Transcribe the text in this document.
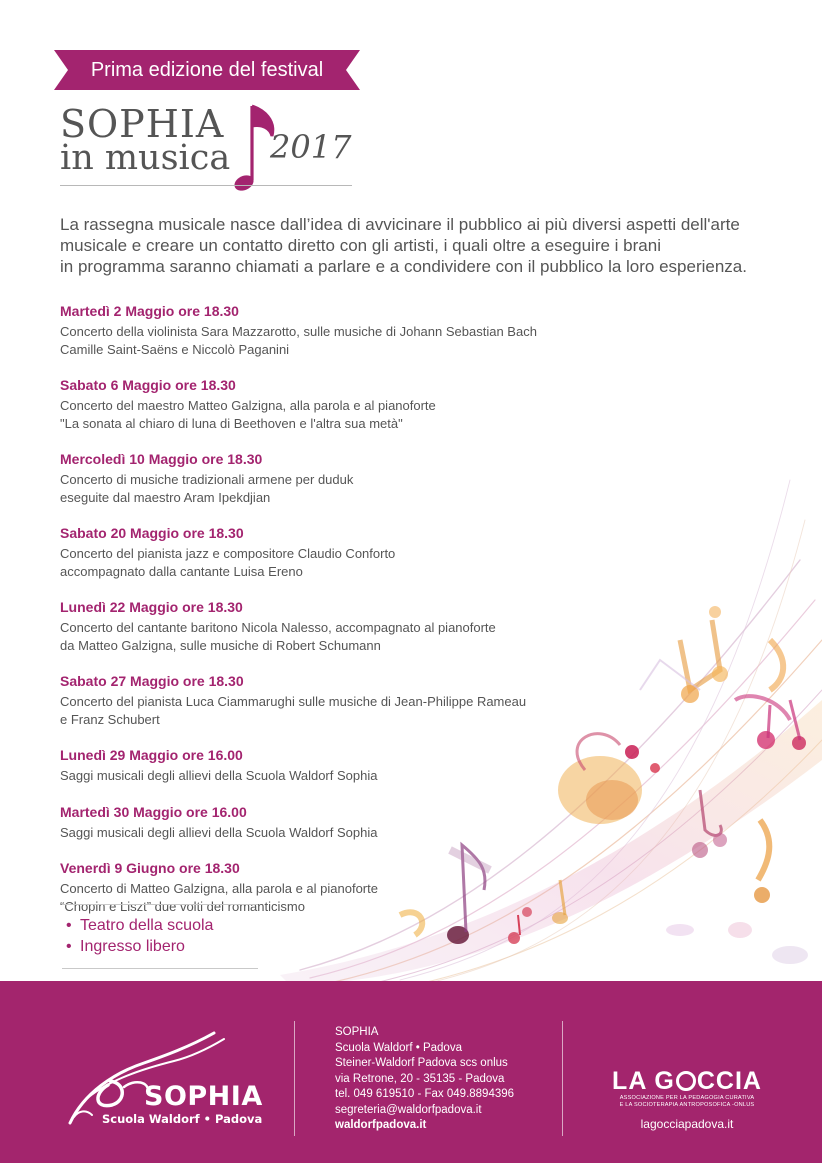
Prima edizione del festival
SOPHIA
in musica 2017

La rassegna musicale nasce dall’idea di avvicinare il pubblico ai più diversi aspetti dell'arte
musicale e creare un contatto diretto con gli artisti, i quali oltre a eseguire i brani
in programma saranno chiamati a parlare e a condividere con il pubblico la loro esperienza.

Martedì 2 Maggio ore 18.30
Concerto della violinista Sara Mazzarotto, sulle musiche di Johann Sebastian Bach
Camille Saint-Saëns e Niccolò Paganini
Sabato 6 Maggio ore 18.30
Concerto del maestro Matteo Galzigna, alla parola e al pianoforte
"La sonata al chiaro di luna di Beethoven e l'altra sua metà"
Mercoledì 10 Maggio ore 18.30
Concerto di musiche tradizionali armene per duduk
eseguite dal maestro Aram Ipekdjian
Sabato 20 Maggio ore 18.30
Concerto del pianista jazz e compositore Claudio Conforto
accompagnato dalla cantante Luisa Ereno
Lunedì 22 Maggio ore 18.30
Concerto del cantante baritono Nicola Nalesso, accompagnato al pianoforte
da Matteo Galzigna, sulle musiche di Robert Schumann
Sabato 27 Maggio ore 18.30
Concerto del pianista Luca Ciammarughi sulle musiche di Jean-Philippe Rameau
e Franz Schubert
Lunedì 29 Maggio ore 16.00
Saggi musicali degli allievi della Scuola Waldorf Sophia
Martedì 30 Maggio ore 16.00
Saggi musicali degli allievi della Scuola Waldorf Sophia
Venerdì 9 Giugno ore 18.30
Concerto di Matteo Galzigna, alla parola e al pianoforte
“Chopin e Liszt” due volti del romanticismo
• Teatro della scuola
• Ingresso libero
SOPHIA
Scuola Waldorf • Padova
SOPHIA
Scuola Waldorf • Padova
Steiner-Waldorf Padova scs onlus
via Retrone, 20 - 35135 - Padova
tel. 049 619510 - Fax 049.8894396
segreteria@waldorfpadova.it
waldorfpadova.it
LA G CCIA
ASSOCIAZIONE PER LA PEDAGOGIA CURATIVA
E LA SOCIOTERAPIA ANTROPOSOFICA -ONLUS
lagocciapadova.it
